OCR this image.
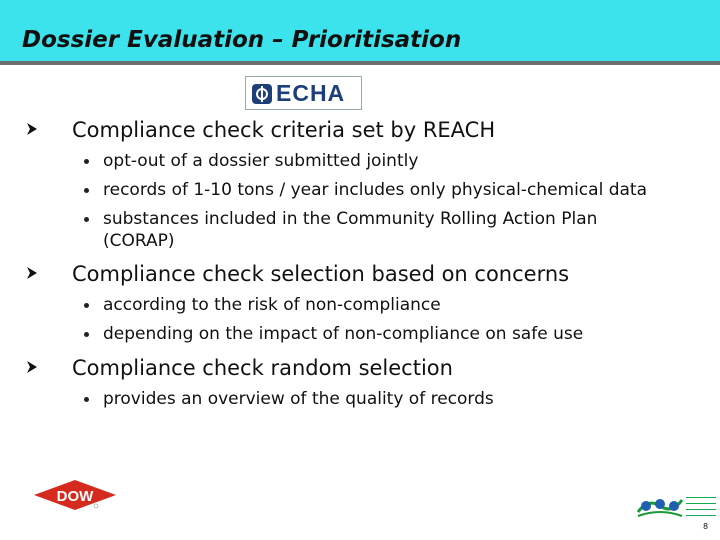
Dossier Evaluation – Prioritisation
ECHA
Compliance check criteria set by REACH
opt-out of a dossier submitted jointly
records of 1-10 tons / year includes only physical-chemical data
substances included in the Community Rolling Action Plan (CORAP)
Compliance check selection based on concerns
according to the risk of non-compliance
depending on the impact of non-compliance on safe use
Compliance check random selection
provides an overview of the quality of records
DOW
8
